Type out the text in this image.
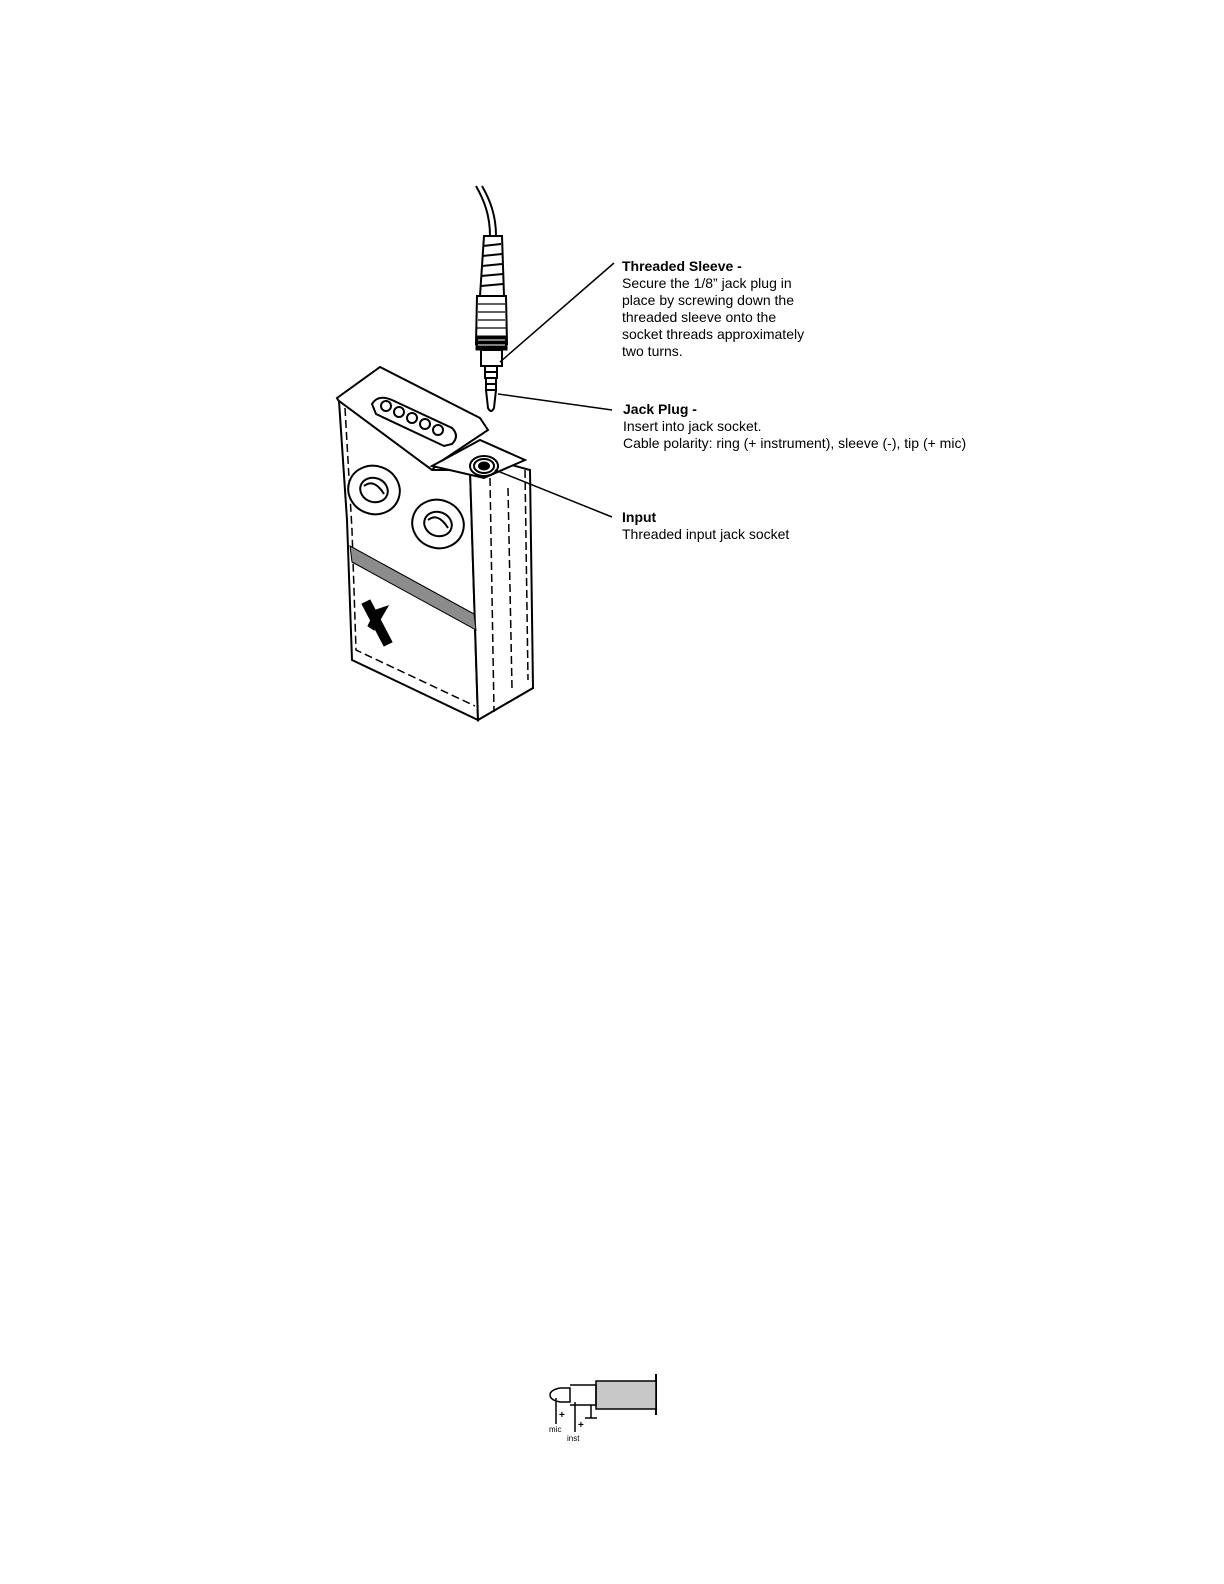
mic
inst
+
+
Threaded Sleeve -
Secure the 1/8” jack plug in
place by screwing down the
threaded sleeve onto the
socket threads approximately
two turns.
Jack Plug -
Insert into jack socket.
Cable polarity: ring (+ instrument), sleeve (-), tip (+ mic)
Input
Threaded input jack socket
